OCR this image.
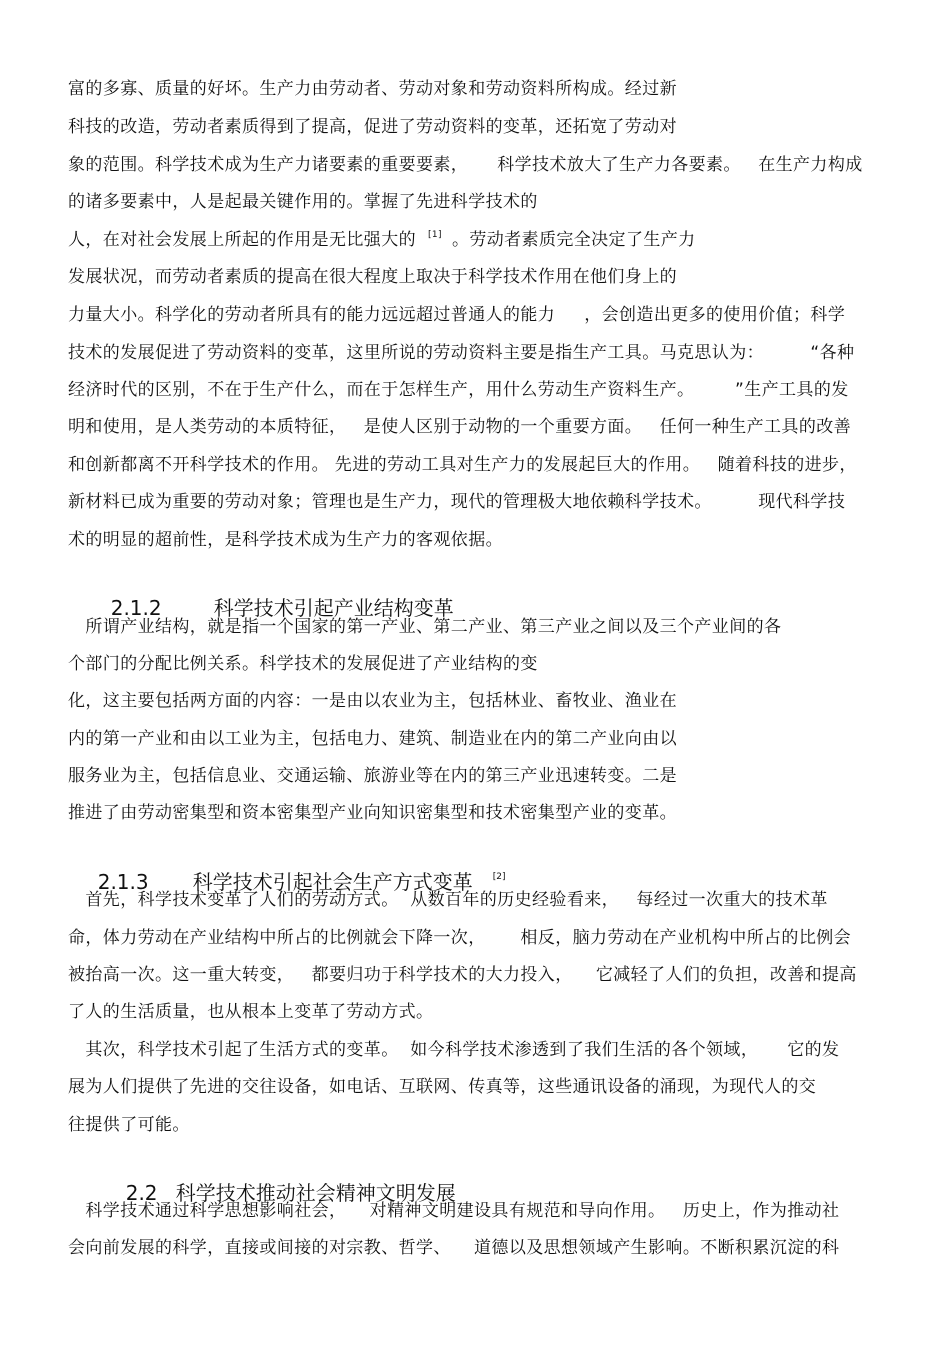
富的多寡、质量的好坏。生产力由劳动者、劳动对象和劳动资料所构成。经过新
科技的改造，劳动者素质得到了提高，促进了劳动资料的变革，还拓宽了劳动对
象的范围。科学技术成为生产力诸要素的重要要素，     科学技术放大了生产力各要素。   在生产力构成
的诸多要素中，人是起最关键作用的。掌握了先进科学技术的
人，在对社会发展上所起的作用是无比强大的 [1] 。劳动者素质完全决定了生产力
发展状况，而劳动者素质的提高在很大程度上取决于科学技术作用在他们身上的
力量大小。科学化的劳动者所具有的能力远远超过普通人的能力     ，会创造出更多的使用价值；科学
技术的发展促进了劳动资料的变革，这里所说的劳动资料主要是指生产工具。马克思认为：        “各种
经济时代的区别，不在于生产什么，而在于怎样生产，用什么劳动生产资料生产。       ”生产工具的发
明和使用，是人类劳动的本质特征，   是使人区别于动物的一个重要方面。   任何一种生产工具的改善
和创新都离不开科学技术的作用。 先进的劳动工具对生产力的发展起巨大的作用。   随着科技的进步，
新材料已成为重要的劳动对象；管理也是生产力，现代的管理极大地依赖科学技术。        现代科学技
术的明显的超前性，是科学技术成为生产力的客观依据。

2.1.2	科学技术引起产业结构变革

所谓产业结构，就是指一个国家的第一产业、第二产业、第三产业之间以及三个产业间的各
个部门的分配比例关系。科学技术的发展促进了产业结构的变
化，这主要包括两方面的内容：一是由以农业为主，包括林业、畜牧业、渔业在
内的第一产业和由以工业为主，包括电力、建筑、制造业在内的第二产业向由以
服务业为主，包括信息业、交通运输、旅游业等在内的第三产业迅速转变。二是
推进了由劳动密集型和资本密集型产业向知识密集型和技术密集型产业的变革。

2.1.3 科学技术引起社会生产方式变革 [2]

首先，科学技术变革了人们的劳动方式。  从数百年的历史经验看来，   每经过一次重大的技术革
命，体力劳动在产业结构中所占的比例就会下降一次，      相反，脑力劳动在产业机构中所占的比例会
被抬高一次。这一重大转变，   都要归功于科学技术的大力投入，    它减轻了人们的负担，改善和提高
了人的生活质量，也从根本上变革了劳动方式。
其次，科学技术引起了生活方式的变革。  如今科学技术渗透到了我们生活的各个领域，     它的发
展为人们提供了先进的交往设备，如电话、互联网、传真等，这些通讯设备的涌现，为现代人的交
往提供了可能。

2.2 科学技术推动社会精神文明发展

科学技术通过科学思想影响社会，    对精神文明建设具有规范和导向作用。   历史上，作为推动社
会向前发展的科学，直接或间接的对宗教、哲学、    道德以及思想领域产生影响。不断积累沉淀的科
